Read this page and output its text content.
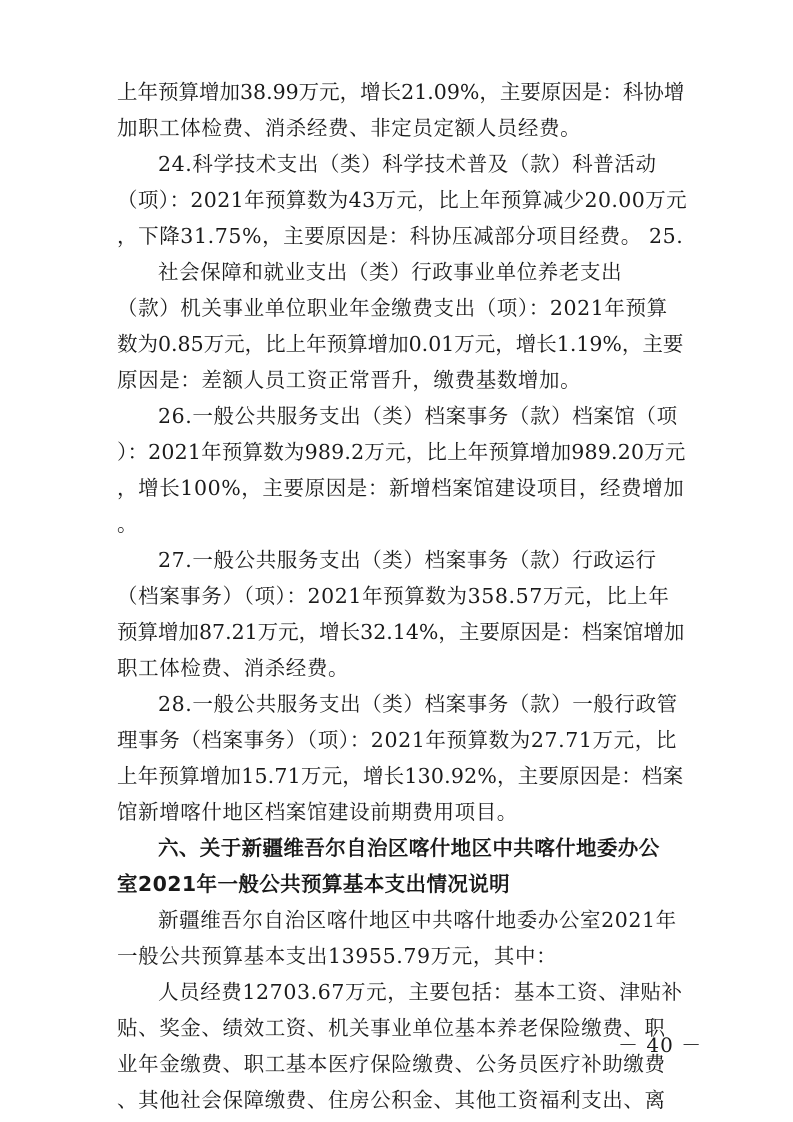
上年预算增加38.99万元，增长21.09%，主要原因是：科协增
加职工体检费、消杀经费、非定员定额人员经费。
24.科学技术支出（类）科学技术普及（款）科普活动
（项）：2021年预算数为43万元，比上年预算减少20.00万元
，下降31.75%，主要原因是：科协压减部分项目经费。 25.
社会保障和就业支出（类）行政事业单位养老支出
（款）机关事业单位职业年金缴费支出（项）：2021年预算
数为0.85万元，比上年预算增加0.01万元，增长1.19%，主要
原因是：差额人员工资正常晋升，缴费基数增加。
26.一般公共服务支出（类）档案事务（款）档案馆（项
）：2021年预算数为989.2万元，比上年预算增加989.20万元
，增长100%，主要原因是：新增档案馆建设项目，经费增加
。
27.一般公共服务支出（类）档案事务（款）行政运行
（档案事务）（项）：2021年预算数为358.57万元，比上年
预算增加87.21万元，增长32.14%，主要原因是：档案馆增加
职工体检费、消杀经费。
28.一般公共服务支出（类）档案事务（款）一般行政管
理事务（档案事务）（项）：2021年预算数为27.71万元，比
上年预算增加15.71万元，增长130.92%，主要原因是：档案
馆新增喀什地区档案馆建设前期费用项目。
六、关于新疆维吾尔自治区喀什地区中共喀什地委办公
室2021年一般公共预算基本支出情况说明
新疆维吾尔自治区喀什地区中共喀什地委办公室2021年
一般公共预算基本支出13955.79万元，其中：
人员经费12703.67万元，主要包括：基本工资、津贴补
贴、奖金、绩效工资、机关事业单位基本养老保险缴费、职
业年金缴费、职工基本医疗保险缴费、公务员医疗补助缴费
、其他社会保障缴费、住房公积金、其他工资福利支出、离
－ 40 －
